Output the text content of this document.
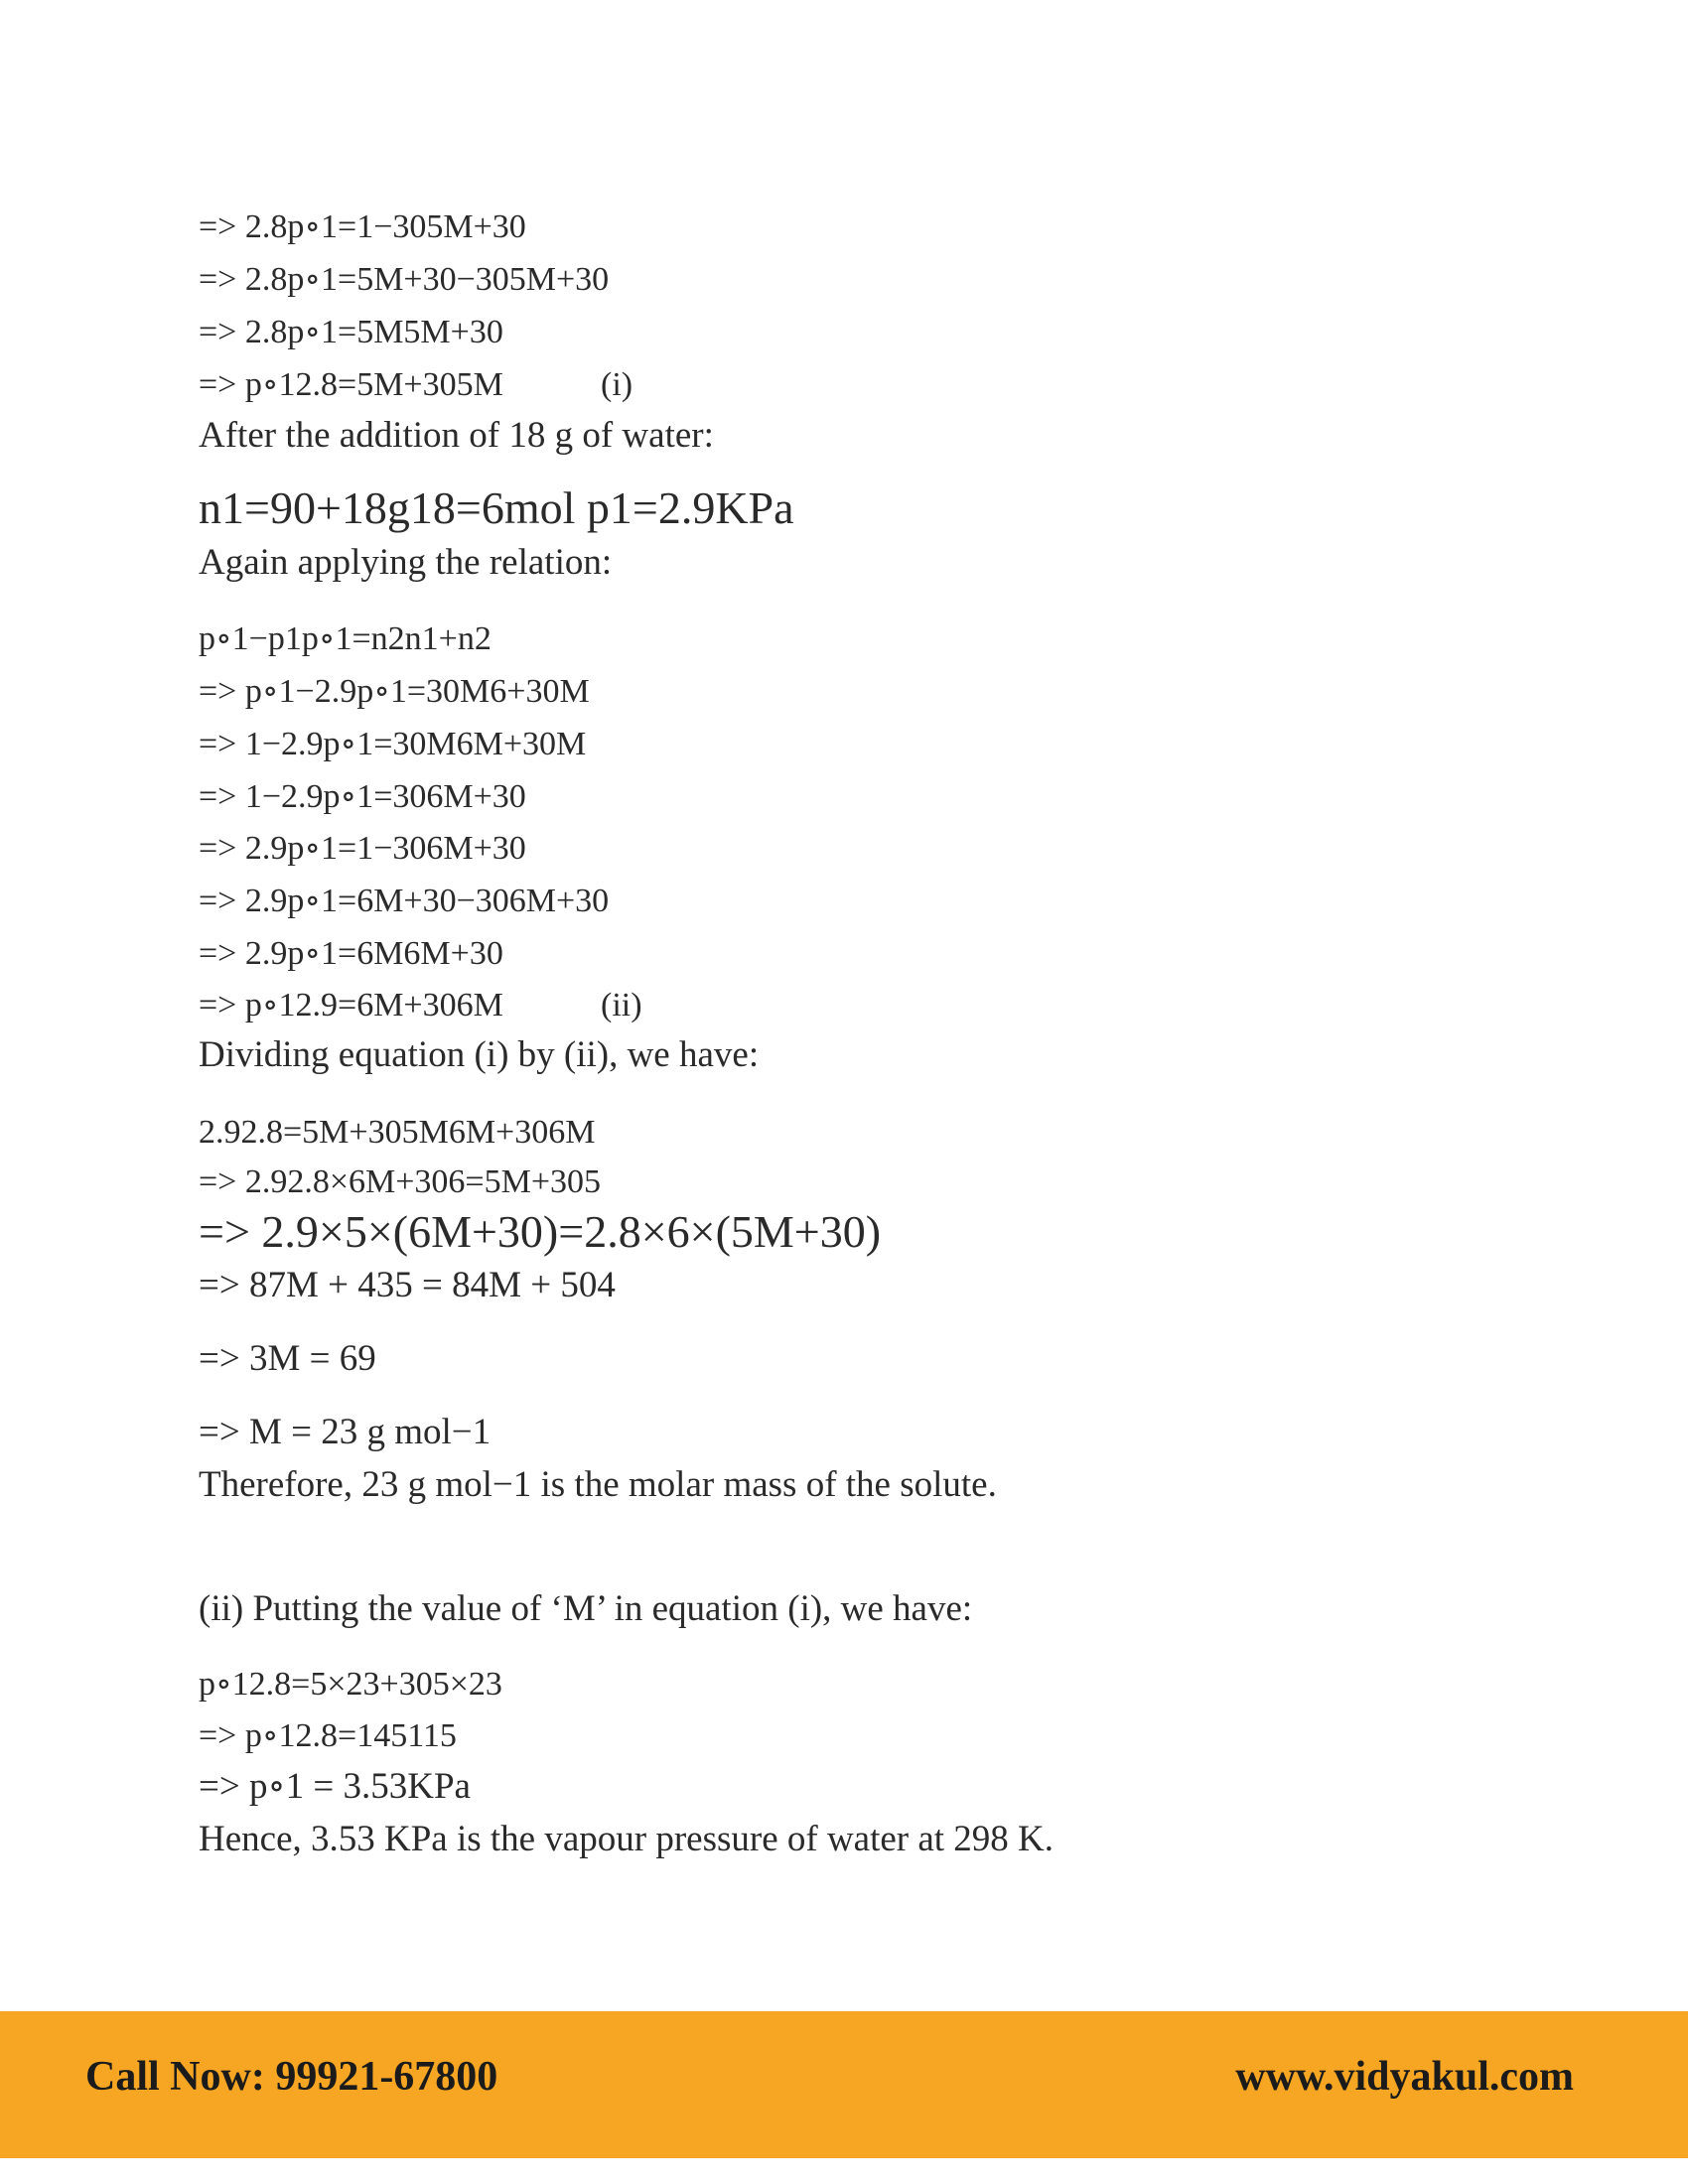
=> 2.8p∘1=1−305M+30
=> 2.8p∘1=5M+30−305M+30
=> 2.8p∘1=5M5M+30
=> p∘12.8=5M+305M	(i)
After the addition of 18 g of water:
n1=90+18g18=6mol p1=2.9KPa
Again applying the relation:
p∘1−p1p∘1=n2n1+n2
=> p∘1−2.9p∘1=30M6+30M
=> 1−2.9p∘1=30M6M+30M
=> 1−2.9p∘1=306M+30
=> 2.9p∘1=1−306M+30
=> 2.9p∘1=6M+30−306M+30
=> 2.9p∘1=6M6M+30
=> p∘12.9=6M+306M	(ii)
Dividing equation (i) by (ii), we have:
2.92.8=5M+305M6M+306M
=> 2.92.8×6M+306=5M+305
=> 2.9×5×(6M+30)=2.8×6×(5M+30)
=> 87M + 435 = 84M + 504
=> 3M = 69
=> M = 23 g mol−1
Therefore, 23 g mol−1 is the molar mass of the solute.
(ii) Putting the value of ‘M’ in equation (i), we have:
p∘12.8=5×23+305×23
=> p∘12.8=145115
=> p∘1 = 3.53KPa
Hence, 3.53 KPa is the vapour pressure of water at 298 K.
Call Now: 99921-67800	www.vidyakul.com
